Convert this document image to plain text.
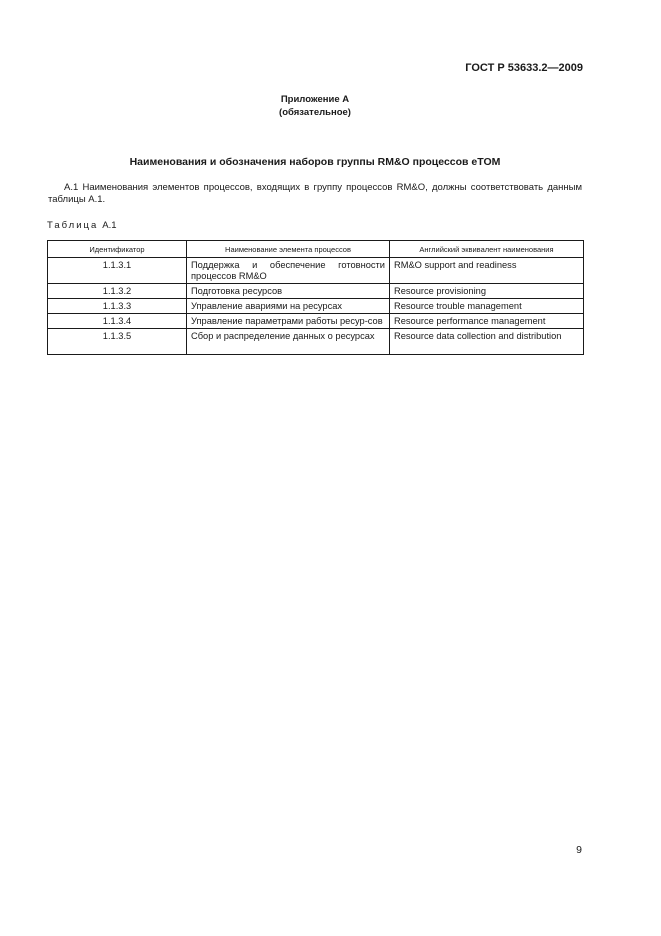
ГОСТ Р 53633.2—2009
Приложение А
(обязательное)
Наименования и обозначения наборов группы RM&O процессов eTOM

А.1 Наименования элементов процессов, входящих в группу процессов RM&O, должны соответствовать данным таблицы А.1.

Таблица А.1
Идентификатор	Наименование элемента процессов	Английский эквивалент наименования
1.1.3.1	Поддержка и обеспечение готовности процессов RM&O	RM&O support and readiness
1.1.3.2	Подготовка ресурсов	Resource provisioning
1.1.3.3	Управление авариями на ресурсах	Resource trouble management
1.1.3.4	Управление параметрами работы ресур-сов	Resource performance management
1.1.3.5	Сбор и распределение данных о ресурсах	Resource data collection and distribution
9
